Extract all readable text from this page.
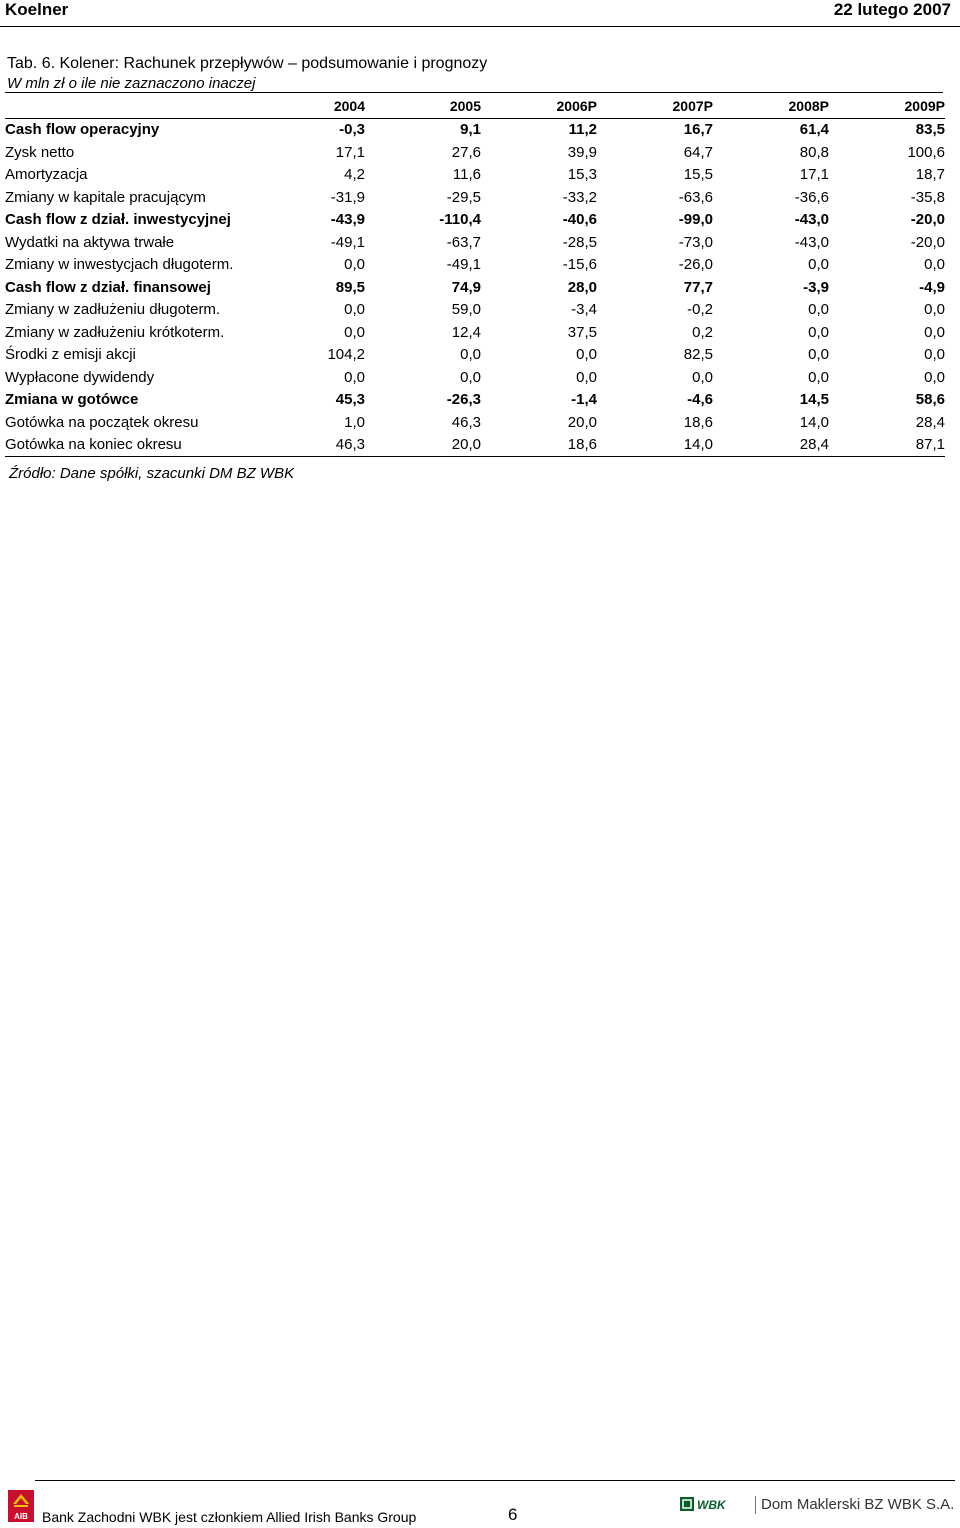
Koelner	22 lutego 2007
Tab. 6. Kolener: Rachunek przepływów – podsumowanie i prognozy
W mln zł o ile nie zaznaczono inaczej
	2004	2005	2006P	2007P	2008P	2009P
Cash flow operacyjny	-0,3	9,1	11,2	16,7	61,4	83,5
Zysk netto	17,1	27,6	39,9	64,7	80,8	100,6
Amortyzacja	4,2	11,6	15,3	15,5	17,1	18,7
Zmiany w kapitale pracującym	-31,9	-29,5	-33,2	-63,6	-36,6	-35,8
Cash flow z dział. inwestycyjnej	-43,9	-110,4	-40,6	-99,0	-43,0	-20,0
Wydatki na aktywa trwałe	-49,1	-63,7	-28,5	-73,0	-43,0	-20,0
Zmiany w inwestycjach długoterm.	0,0	-49,1	-15,6	-26,0	0,0	0,0
Cash flow z dział. finansowej	89,5	74,9	28,0	77,7	-3,9	-4,9
Zmiany w zadłużeniu długoterm.	0,0	59,0	-3,4	-0,2	0,0	0,0
Zmiany w zadłużeniu krótkoterm.	0,0	12,4	37,5	0,2	0,0	0,0
Środki z emisji akcji	104,2	0,0	0,0	82,5	0,0	0,0
Wypłacone dywidendy	0,0	0,0	0,0	0,0	0,0	0,0
Zmiana w gotówce	45,3	-26,3	-1,4	-4,6	14,5	58,6
Gotówka na początek okresu	1,0	46,3	20,0	18,6	14,0	28,4
Gotówka na koniec okresu	46,3	20,0	18,6	14,0	28,4	87,1
Źródło: Dane spółki, szacunki DM BZ WBK
AIB Bank Zachodni WBK jest członkiem Allied Irish Banks Group	6	WBK Dom Maklerski BZ WBK S.A.
